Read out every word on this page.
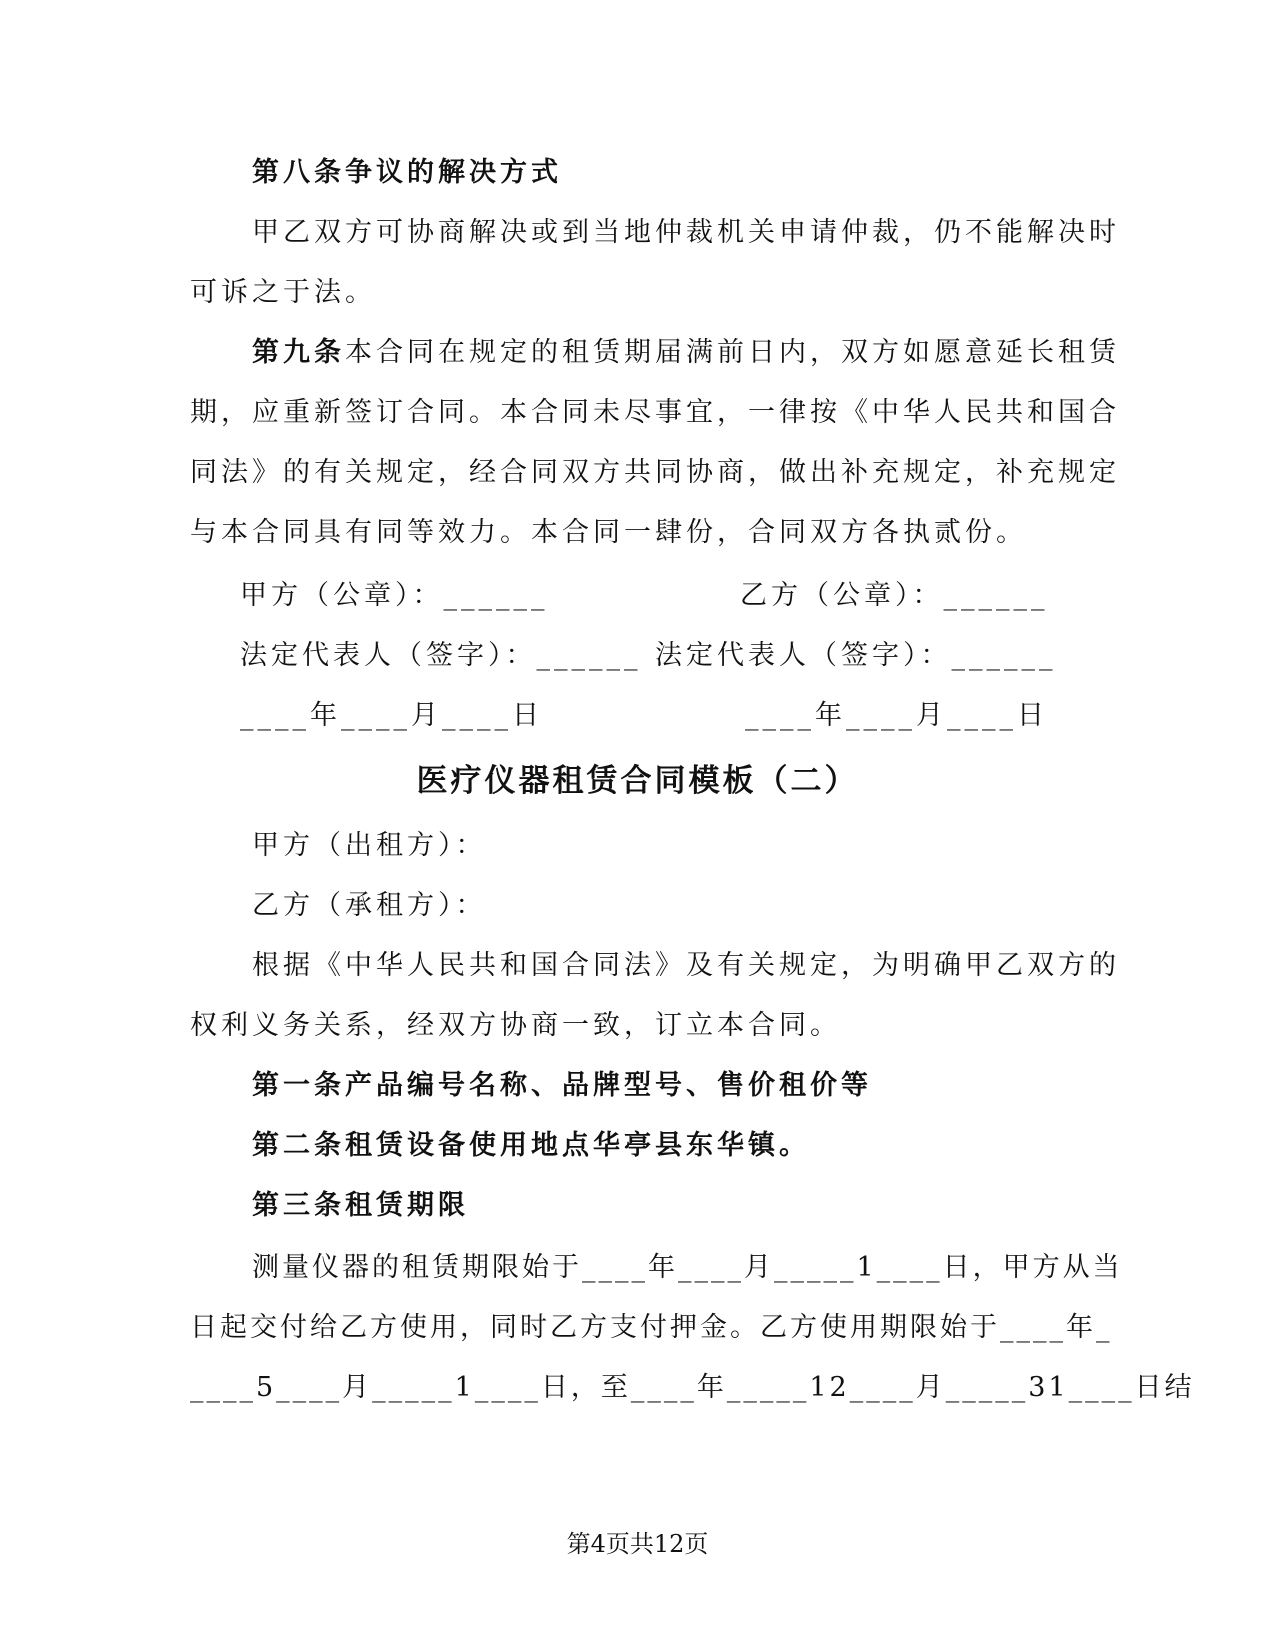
第八条争议的解决方式
甲乙双方可协商解决或到当地仲裁机关申请仲裁，仍不能解决时
可诉之于法。
第九条本合同在规定的租赁期届满前日内，双方如愿意延长租赁
期，应重新签订合同。本合同未尽事宜，一律按《中华人民共和国合
同法》的有关规定，经合同双方共同协商，做出补充规定，补充规定
与本合同具有同等效力。本合同一肆份，合同双方各执贰份。
甲方（公章）：______	乙方（公章）：______
法定代表人（签字）：______ 法定代表人（签字）：______
____年____月____日	____年____月____日
医疗仪器租赁合同模板（二）
甲方（出租方）：
乙方（承租方）：
根据《中华人民共和国合同法》及有关规定，为明确甲乙双方的
权利义务关系，经双方协商一致，订立本合同。
第一条产品编号名称、品牌型号、售价租价等
第二条租赁设备使用地点华亭县东华镇。
第三条租赁期限
测量仪器的租赁期限始于____年____月_____1____日，甲方从当
日起交付给乙方使用，同时乙方支付押金。乙方使用期限始于____年_
____5____月_____1____日，至____年_____12____月_____31____日结
第4页共12页
